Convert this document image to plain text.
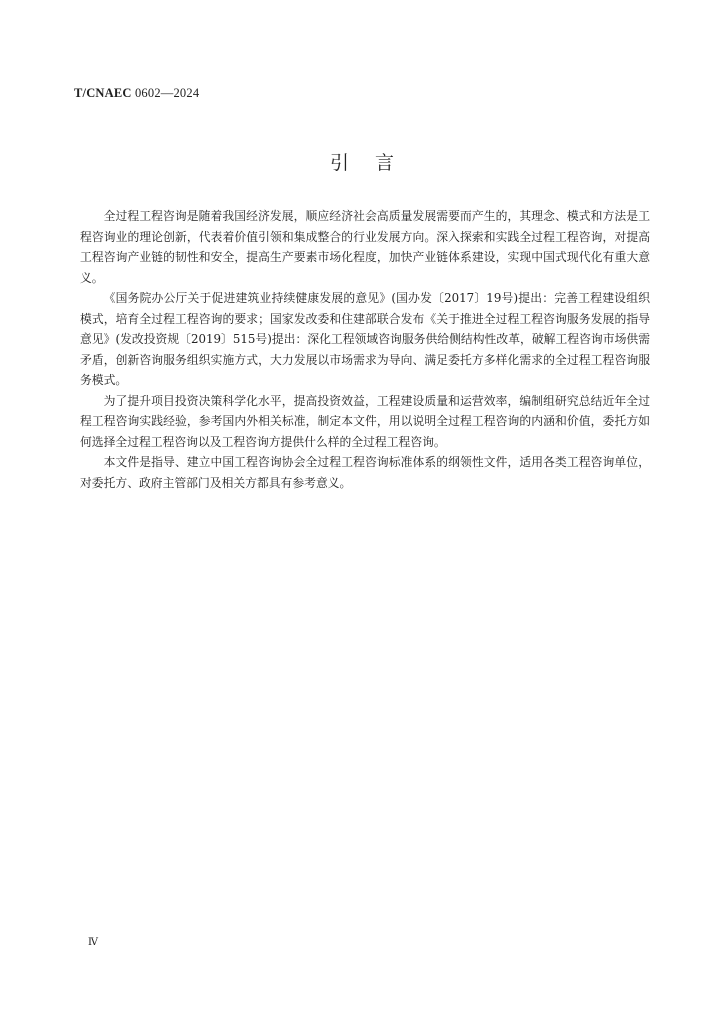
T/CNAEC 0602—2024
引言

全过程工程咨询是随着我国经济发展，顺应经济社会高质量发展需要而产生的，其理念、模式和方法是工程咨询业的理论创新，代表着价值引领和集成整合的行业发展方向。深入探索和实践全过程工程咨询，对提高工程咨询产业链的韧性和安全，提高生产要素市场化程度，加快产业链体系建设，实现中国式现代化有重大意义。

《国务院办公厅关于促进建筑业持续健康发展的意见》(国办发〔2017〕19号)提出：完善工程建设组织模式，培育全过程工程咨询的要求；国家发改委和住建部联合发布《关于推进全过程工程咨询服务发展的指导意见》(发改投资规〔2019〕515号)提出：深化工程领域咨询服务供给侧结构性改革，破解工程咨询市场供需矛盾，创新咨询服务组织实施方式，大力发展以市场需求为导向、满足委托方多样化需求的全过程工程咨询服务模式。

为了提升项目投资决策科学化水平，提高投资效益，工程建设质量和运营效率，编制组研究总结近年全过程工程咨询实践经验，参考国内外相关标准，制定本文件，用以说明全过程工程咨询的内涵和价值，委托方如何选择全过程工程咨询以及工程咨询方提供什么样的全过程工程咨询。

本文件是指导、建立中国工程咨询协会全过程工程咨询标准体系的纲领性文件，适用各类工程咨询单位，对委托方、政府主管部门及相关方都具有参考意义。

Ⅳ
